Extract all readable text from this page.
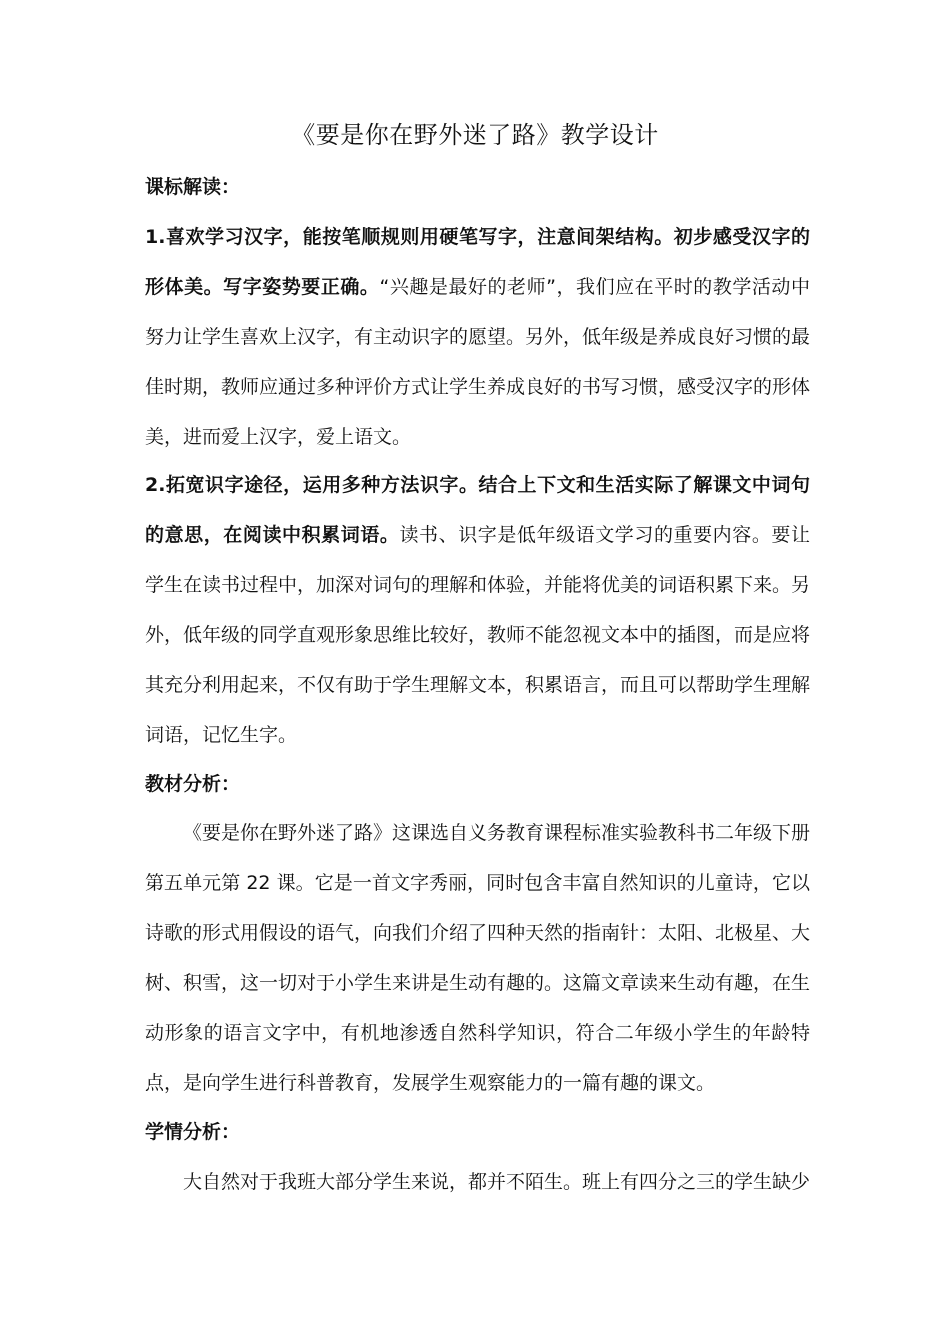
《要是你在野外迷了路》教学设计
课标解读：
1.喜欢学习汉字，能按笔顺规则用硬笔写字，注意间架结构。初步感受汉字的形体美。写字姿势要正确。“兴趣是最好的老师”，我们应在平时的教学活动中努力让学生喜欢上汉字，有主动识字的愿望。另外，低年级是养成良好习惯的最佳时期，教师应通过多种评价方式让学生养成良好的书写习惯，感受汉字的形体美，进而爱上汉字，爱上语文。
2.拓宽识字途径，运用多种方法识字。结合上下文和生活实际了解课文中词句的意思，在阅读中积累词语。读书、识字是低年级语文学习的重要内容。要让学生在读书过程中，加深对词句的理解和体验，并能将优美的词语积累下来。另外，低年级的同学直观形象思维比较好，教师不能忽视文本中的插图，而是应将其充分利用起来，不仅有助于学生理解文本，积累语言，而且可以帮助学生理解词语，记忆生字。
教材分析：
《要是你在野外迷了路》这课选自义务教育课程标准实验教科书二年级下册第五单元第 22 课。它是一首文字秀丽，同时包含丰富自然知识的儿童诗，它以诗歌的形式用假设的语气，向我们介绍了四种天然的指南针：太阳、北极星、大树、积雪，这一切对于小学生来讲是生动有趣的。这篇文章读来生动有趣，在生动形象的语言文字中，有机地渗透自然科学知识，符合二年级小学生的年龄特点，是向学生进行科普教育，发展学生观察能力的一篇有趣的课文。
学情分析：
大自然对于我班大部分学生来说，都并不陌生。班上有四分之三的学生缺少
